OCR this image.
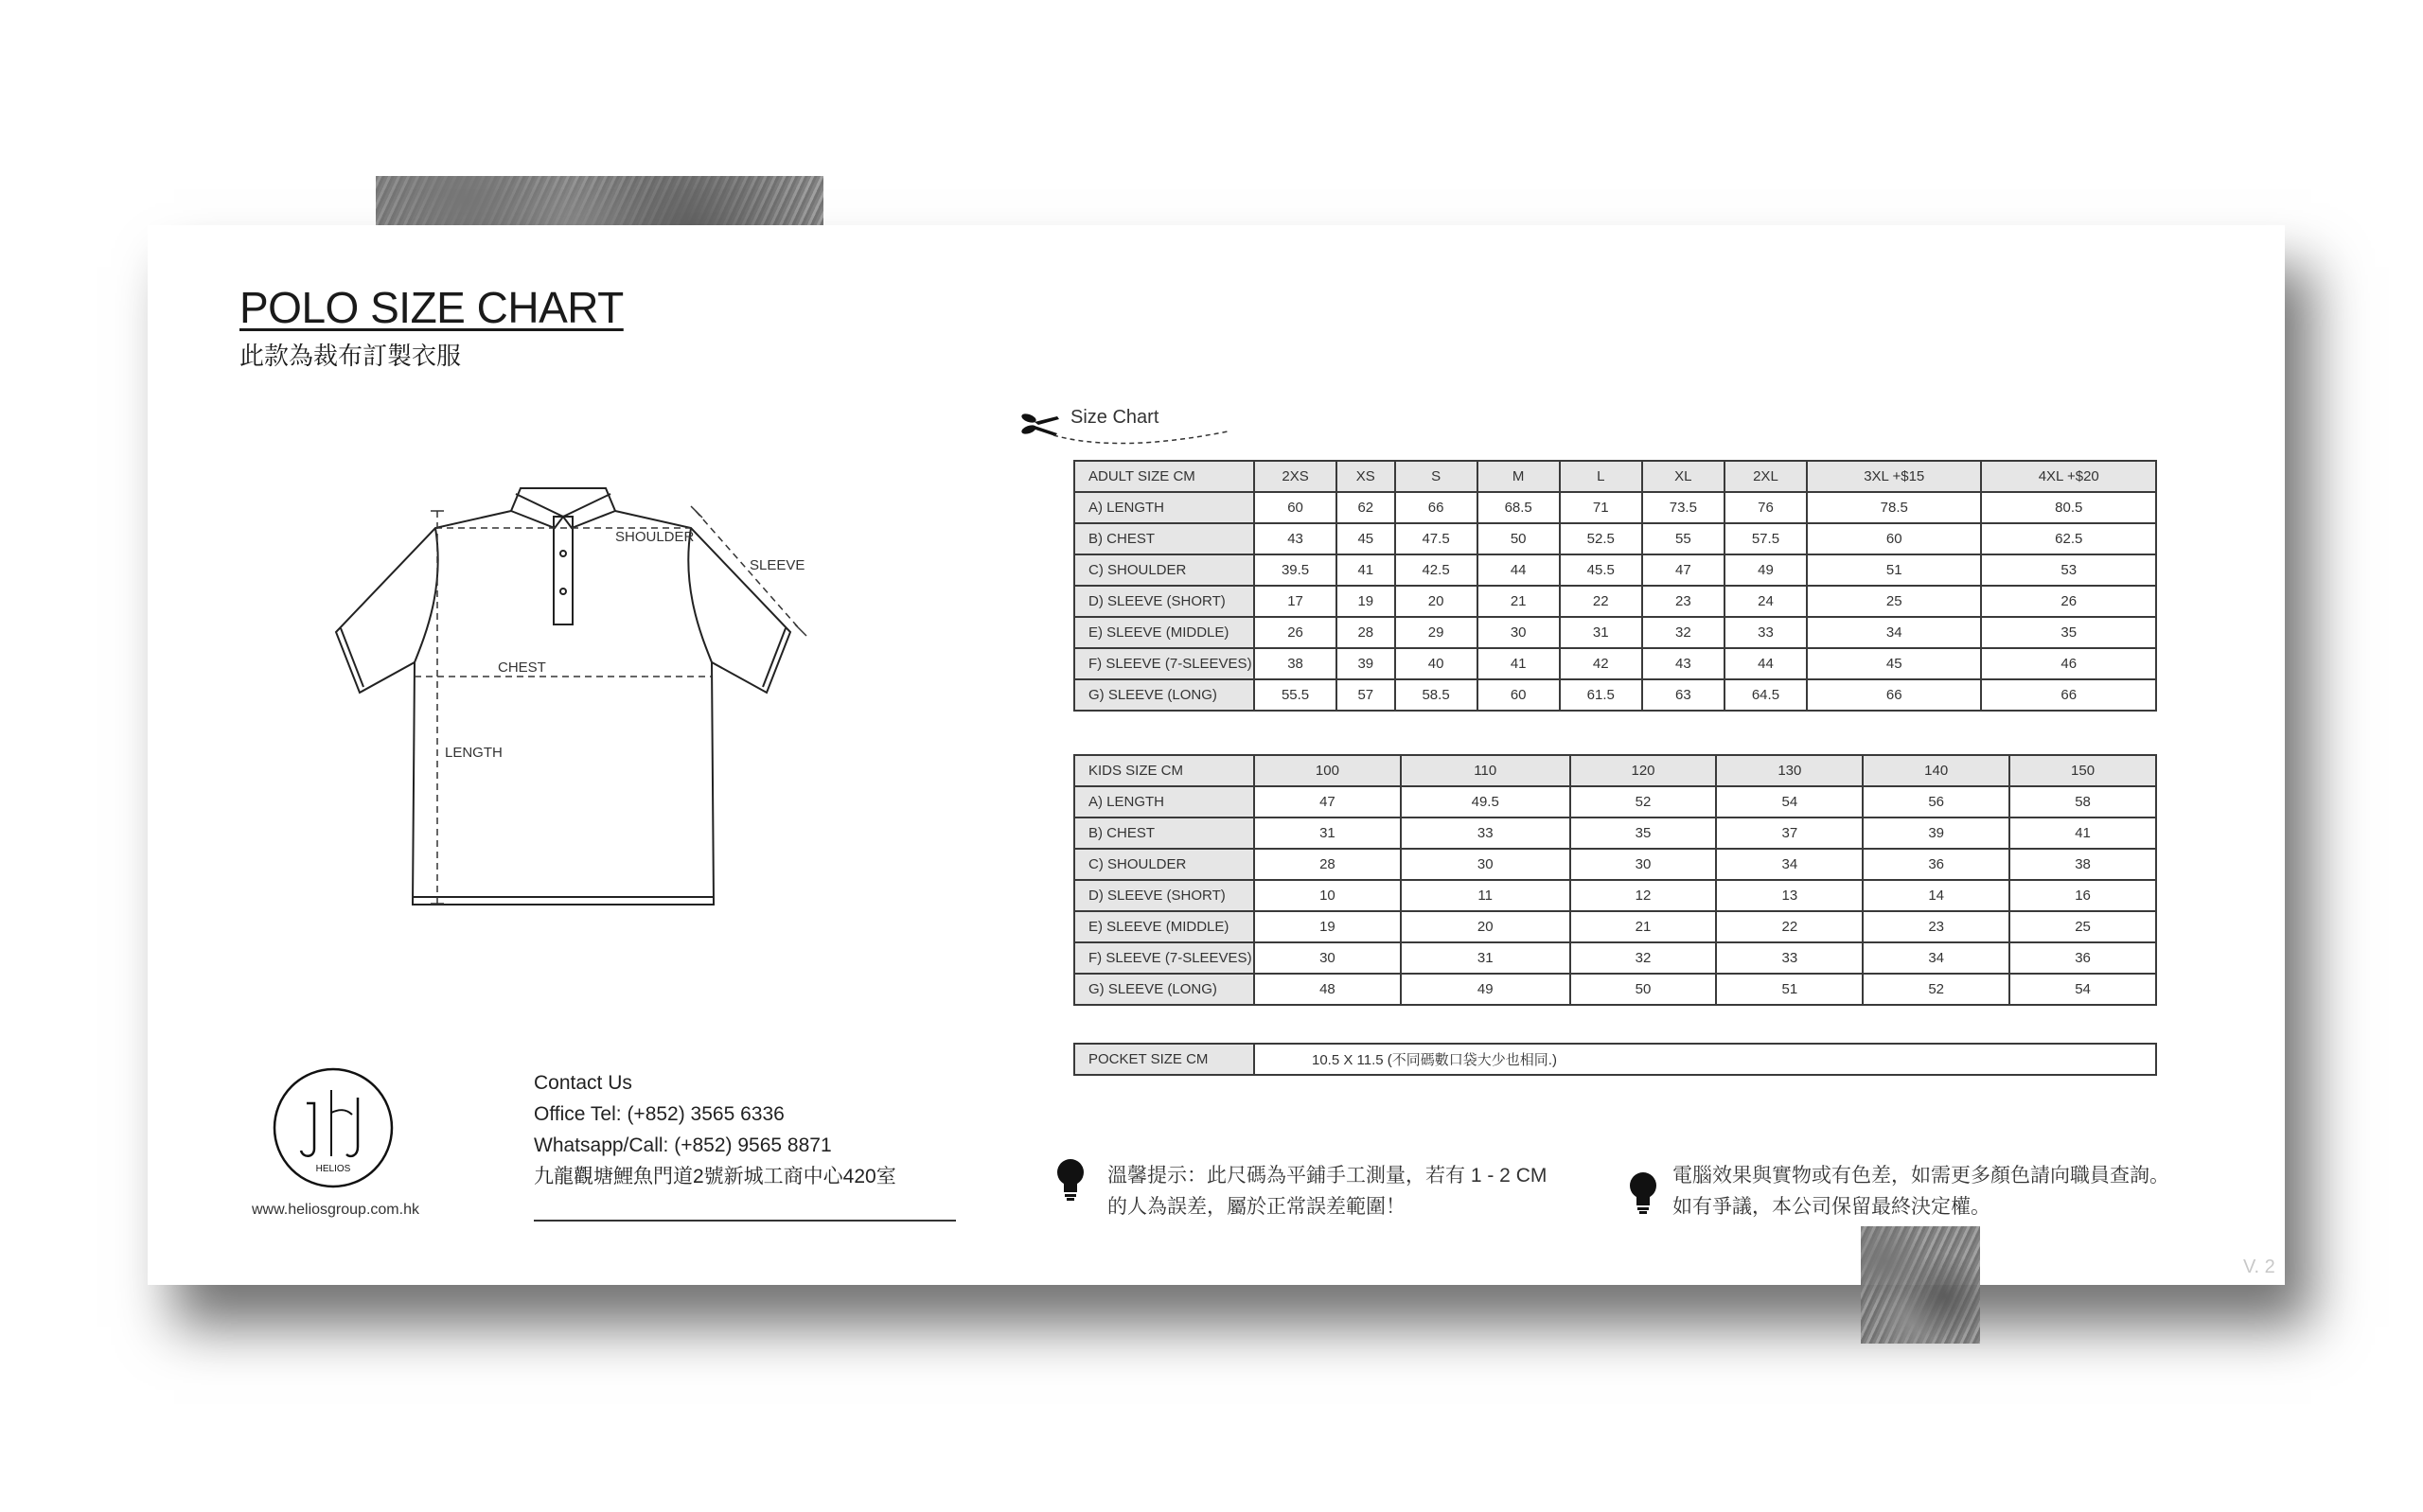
POLO SIZE CHART
此款為裁布訂製衣服
SHOULDER
SLEEVE
CHEST
LENGTH
Size Chart
ADULT SIZE CM	2XS	XS	S	M	L	XL	2XL	3XL +$15	4XL +$20
A) LENGTH	60	62	66	68.5	71	73.5	76	78.5	80.5
B) CHEST	43	45	47.5	50	52.5	55	57.5	60	62.5
C) SHOULDER	39.5	41	42.5	44	45.5	47	49	51	53
D) SLEEVE (SHORT)	17	19	20	21	22	23	24	25	26
E) SLEEVE (MIDDLE)	26	28	29	30	31	32	33	34	35
F) SLEEVE (7-SLEEVES)	38	39	40	41	42	43	44	45	46
G) SLEEVE (LONG)	55.5	57	58.5	60	61.5	63	64.5	66	66
KIDS SIZE CM	100	110	120	130	140	150
A) LENGTH	47	49.5	52	54	56	58
B) CHEST	31	33	35	37	39	41
C) SHOULDER	28	30	30	34	36	38
D) SLEEVE (SHORT)	10	11	12	13	14	16
E) SLEEVE (MIDDLE)	19	20	21	22	23	25
F) SLEEVE (7-SLEEVES)	30	31	32	33	34	36
G) SLEEVE (LONG)	48	49	50	51	52	54
POCKET SIZE CM	10.5 X 11.5 (不同碼數口袋大少也相同.)
HELIOS
www.heliosgroup.com.hk
Contact Us
Office Tel: (+852) 3565 6336
Whatsapp/Call: (+852) 9565 8871
九龍觀塘鯉魚門道2號新城工商中心420室	溫馨提示：此尺碼為平鋪手工測量，若有 1 - 2 CM
的人為誤差，屬於正常誤差範圍！
電腦效果與實物或有色差，如需更多顏色請向職員查詢。
如有爭議，本公司保留最終決定權。
V. 2
